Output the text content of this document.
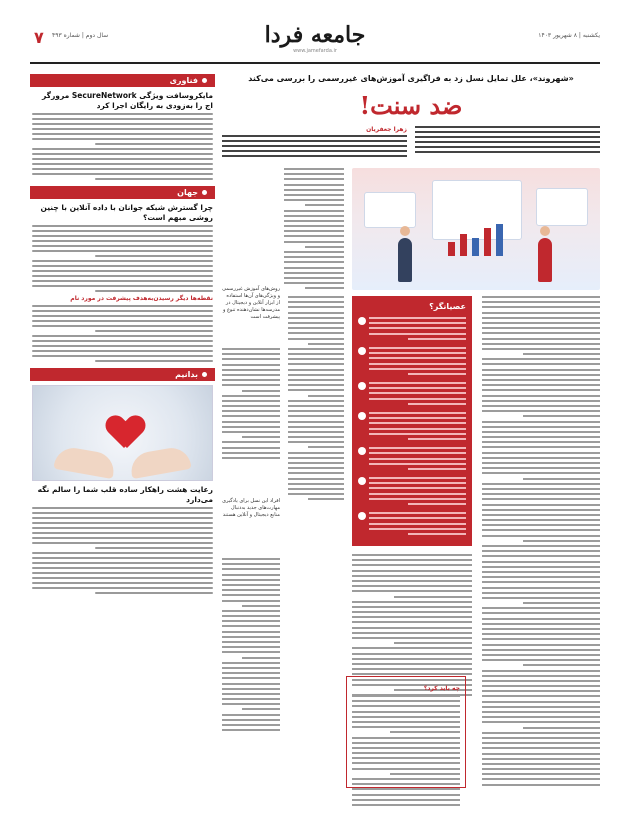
یکشنبه | ۸ شهریور ۱۴۰۳
جامعه فردا
www.jamefarda.ir
سال دوم | شماره ۴۹۳
۷
فناوری
مایکروسافت ویژگی SecureNetwork مرورگر اج را به‌زودی به رایگان اجرا کرد
جهان
چرا گسترش شبکه جوانان با داده آنلاین با چنین روشی مبهم است؟
نقطه‌ها دیگر رسیدن‌به‌هدف پیشرفت در مورد نام
بدانیم
رعایت هشت راهکار ساده قلب شما را سالم نگه می‌دارد
«شهروند»، علل تمایل نسل زد به فراگیری آموزش‌های غیررسمی را بررسی می‌کند
ضد سنت!
زهرا جعفریان
عصیانگر؟
روش‌های آموزش غیررسمی و ویژگی‌های آن‌ها استفاده از ابزار آنلاین و دیجیتال در مدرسه‌ها نشان‌دهنده تنوع و پیشرفت است
افراد این نسل برای یادگیری مهارت‌های جدید به‌دنبال منابع دیجیتال و آنلاین هستند
چه باید کرد؟
